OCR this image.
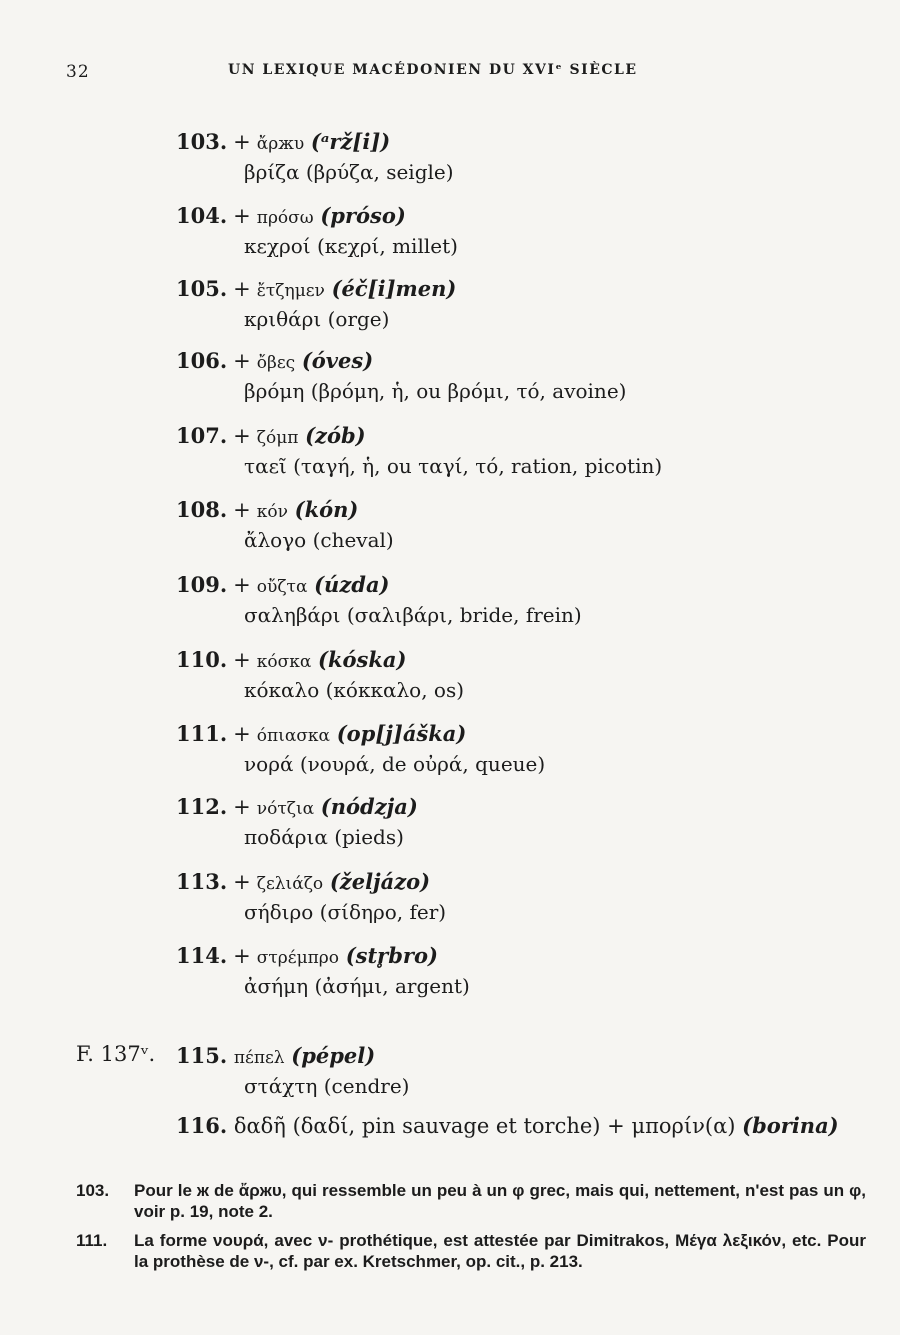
32	UN LEXIQUE MACÉDONIEN DU XVIᵉ SIÈCLE
103. + ἄρжυ (ᵃrž[i])
βρίζα (βρύζα, seigle)
104. + πρόσω (próso)
κεχροί (κεχρί, millet)
105. + ἔτζημεν (éč[i]men)
κριθάρι (orge)
106. + ὄβες (óves)
βρόμη (βρόμη, ἡ, ou βρόμι, τό, avoine)
107. + ζόμπ (zób)
ταεῖ (ταγή, ἡ, ou ταγί, τό, ration, picotin)
108. + κόν (kón)
ἄλογο (cheval)
109. + οὔζτα (úzda)
σαληβάρι (σαλιβάρι, bride, frein)
110. + κόσκα (kóska)
κόκαλο (κόκκαλο, os)
111. + όπιασκα (op[j]áška)
νορά (νουρά, de οὐρά, queue)
112. + νότζια (nódzja)
ποδάρια (pieds)
113. + ζελιάζο (željázo)
σήδιρο (σίδηρο, fer)
114. + στρέμπρο (str̥bro)
ἀσήμη (ἀσήμι, argent)
115. πέπελ (pépel)
στάχτη (cendre)
F. 137ᵛ.
116. δαδῆ (δαδί, pin sauvage et torche) + μπορίν(α) (borina)
103. Pour le ж de ἄρжυ, qui ressemble un peu à un φ grec, mais qui, nettement, n'est pas un φ, voir p. 19, note 2.
111. La forme νουρά, avec ν- prothétique, est attestée par Dimitrakos, Μέγα λεξικόν, etc. Pour la prothèse de ν-, cf. par ex. Kretschmer, op. cit., p. 213.
